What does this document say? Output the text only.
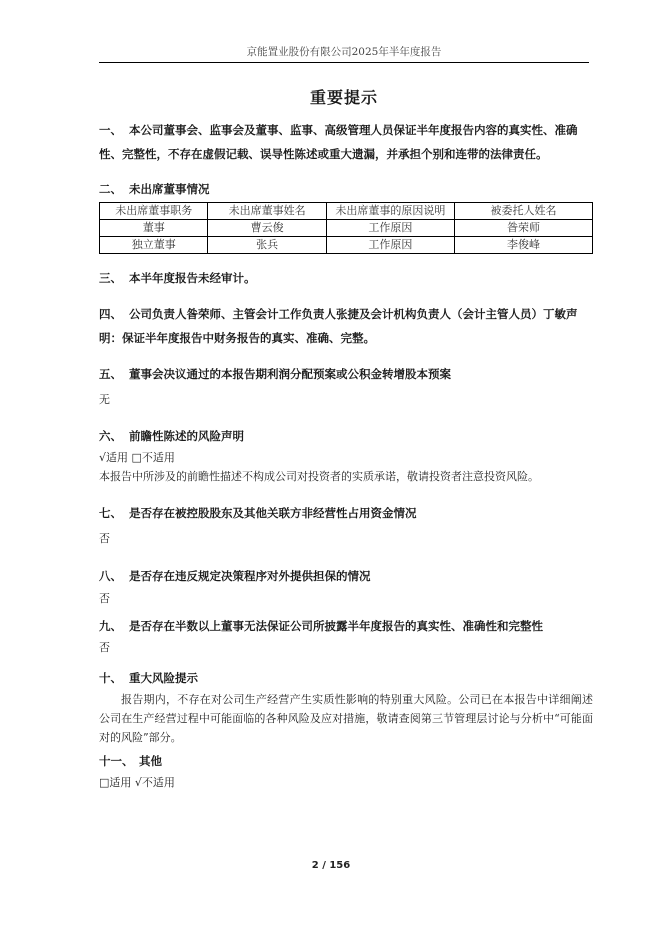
京能置业股份有限公司2025年半年度报告
重要提示
一、 本公司董事会、监事会及董事、监事、高级管理人员保证半年度报告内容的真实性、准确性、完整性，不存在虚假记载、误导性陈述或重大遗漏，并承担个别和连带的法律责任。
二、 未出席董事情况
未出席董事职务	未出席董事姓名	未出席董事的原因说明	被委托人姓名
董事	曹云俊	工作原因	昝荣师
独立董事	张兵	工作原因	李俊峰
三、 本半年度报告未经审计。
四、 公司负责人昝荣师、主管会计工作负责人张捷及会计机构负责人（会计主管人员）丁敏声明：保证半年度报告中财务报告的真实、准确、完整。
五、 董事会决议通过的本报告期利润分配预案或公积金转增股本预案
无
六、 前瞻性陈述的风险声明
√适用 □不适用
本报告中所涉及的前瞻性描述不构成公司对投资者的实质承诺，敬请投资者注意投资风险。
七、 是否存在被控股股东及其他关联方非经营性占用资金情况
否
八、 是否存在违反规定决策程序对外提供担保的情况
否
九、 是否存在半数以上董事无法保证公司所披露半年度报告的真实性、准确性和完整性
否
十、 重大风险提示
报告期内，不存在对公司生产经营产生实质性影响的特别重大风险。公司已在本报告中详细阐述公司在生产经营过程中可能面临的各种风险及应对措施，敬请查阅第三节管理层讨论与分析中“可能面对的风险”部分。
十一、 其他
□适用 √不适用
2 / 156
